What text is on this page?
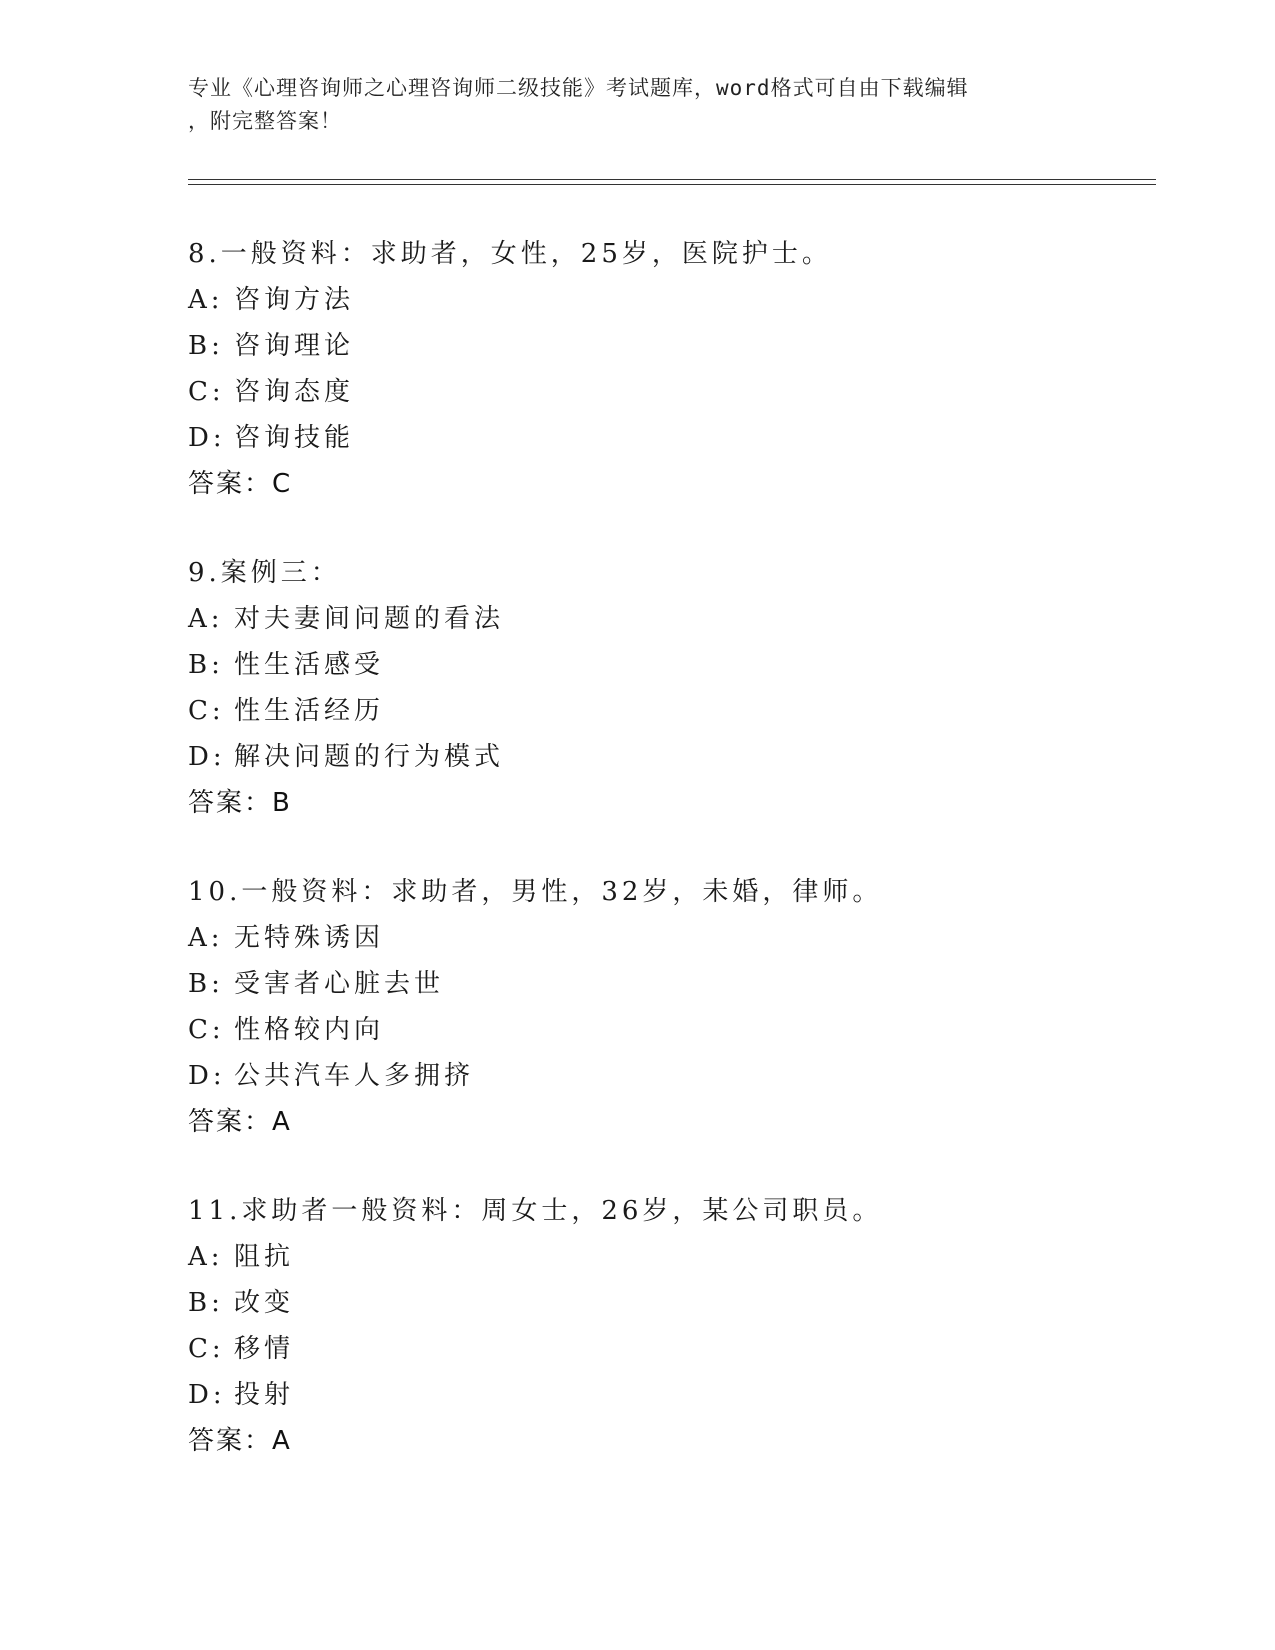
专业《心理咨询师之心理咨询师二级技能》考试题库，word格式可自由下载编辑
，附完整答案！
8.一般资料：求助者，女性，25岁，医院护士。
A: 咨询方法
B: 咨询理论
C: 咨询态度
D: 咨询技能
答案：C
9.案例三：
A: 对夫妻间问题的看法
B: 性生活感受
C: 性生活经历
D: 解决问题的行为模式
答案：B
10.一般资料：求助者，男性，32岁，未婚，律师。
A: 无特殊诱因
B: 受害者心脏去世
C: 性格较内向
D: 公共汽车人多拥挤
答案：A
11.求助者一般资料：周女士，26岁，某公司职员。
A: 阻抗
B: 改变
C: 移情
D: 投射
答案：A
